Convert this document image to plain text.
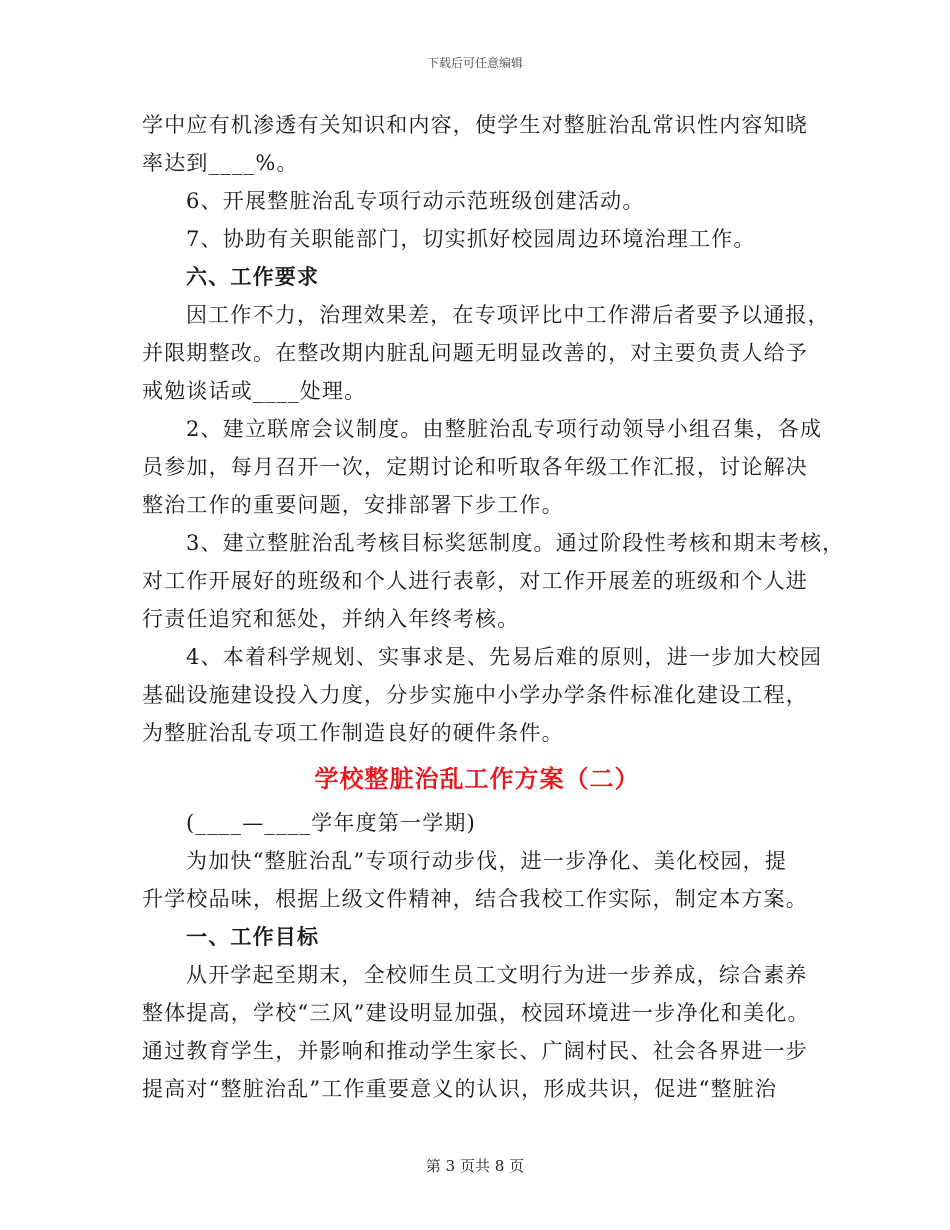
下载后可任意编辑

学中应有机渗透有关知识和内容，使学生对整脏治乱常识性内容知晓

率达到____%。

6、开展整脏治乱专项行动示范班级创建活动。

7、协助有关职能部门，切实抓好校园周边环境治理工作。

六、工作要求

因工作不力，治理效果差，在专项评比中工作滞后者要予以通报，

并限期整改。在整改期内脏乱问题无明显改善的，对主要负责人给予

戒勉谈话或____处理。

2、建立联席会议制度。由整脏治乱专项行动领导小组召集，各成

员参加，每月召开一次，定期讨论和听取各年级工作汇报，讨论解决

整治工作的重要问题，安排部署下步工作。

3、建立整脏治乱考核目标奖惩制度。通过阶段性考核和期末考核，

对工作开展好的班级和个人进行表彰，对工作开展差的班级和个人进

行责任追究和惩处，并纳入年终考核。

4、本着科学规划、实事求是、先易后难的原则，进一步加大校园

基础设施建设投入力度，分步实施中小学办学条件标准化建设工程，

为整脏治乱专项工作制造良好的硬件条件。

学校整脏治乱工作方案（二）

(____—____学年度第一学期)

为加快“整脏治乱”专项行动步伐，进一步净化、美化校园，提

升学校品味，根据上级文件精神，结合我校工作实际，制定本方案。

一、工作目标

从开学起至期末，全校师生员工文明行为进一步养成，综合素养

整体提高，学校“三风”建设明显加强，校园环境进一步净化和美化。

通过教育学生，并影响和推动学生家长、广阔村民、社会各界进一步

提高对“整脏治乱”工作重要意义的认识，形成共识，促进“整脏治

第 3 页共 8 页
